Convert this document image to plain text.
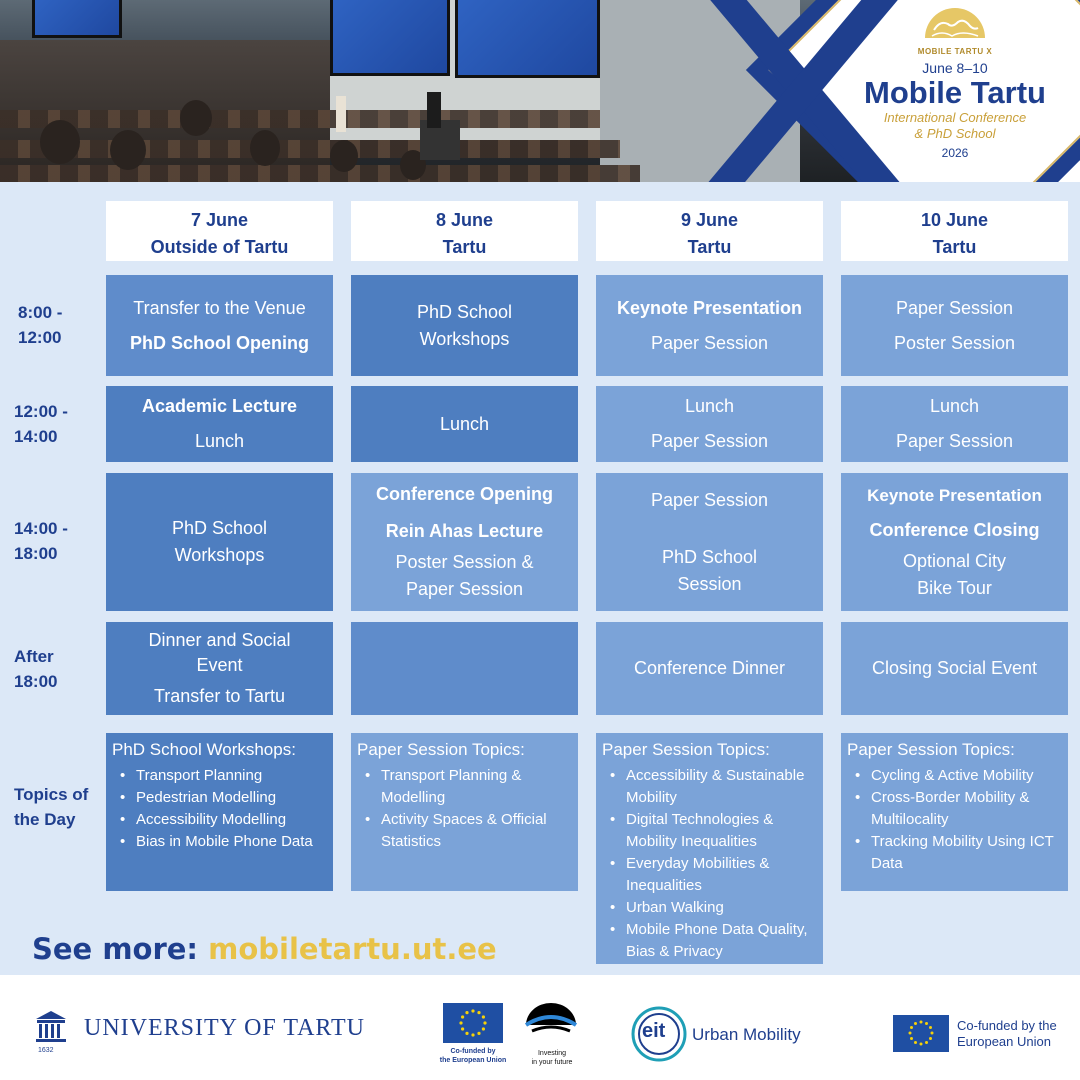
MOBILE TARTU X
June 8–10
Mobile Tartu
International Conference
& PhD School
2026
7 June
Outside of Tartu
8 June
Tartu
9 June
Tartu
10 June
Tartu
8:00 -
12:00
12:00 -
14:00
14:00 -
18:00
After
18:00
Topics of
the Day
Transfer to the Venue
PhD School Opening
PhD School
Workshops
Keynote Presentation
Paper Session
Paper Session
Poster Session
Academic Lecture
Lunch
Lunch
Lunch
Paper Session
Lunch
Paper Session
PhD School
Workshops
Conference Opening
Rein Ahas Lecture
Poster Session &
Paper Session
Paper Session
PhD School
Session
Keynote Presentation
Conference Closing
Optional City
Bike Tour
Dinner and Social
Event
Transfer to Tartu
Conference Dinner	Closing Social Event
PhD School Workshops:
• Transport Planning
• Pedestrian Modelling
• Accessibility Modelling
• Bias in Mobile Phone Data
Paper Session Topics:
• Transport Planning & Modelling
• Activity Spaces & Official Statistics
Paper Session Topics:
• Accessibility & Sustainable Mobility
• Digital Technologies & Mobility Inequalities
• Everyday Mobilities & Inequalities
• Urban Walking
• Mobile Phone Data Quality, Bias & Privacy
Paper Session Topics:
• Cycling & Active Mobility
• Cross-Border Mobility & Multilocality
• Tracking Mobility Using ICT Data
See more: mobiletartu.ut.ee
1632
UNIVERSITY OF TARTU
Co-funded by
the European Union
Investing
in your future
eit Urban Mobility	Co-funded by the
European Union
